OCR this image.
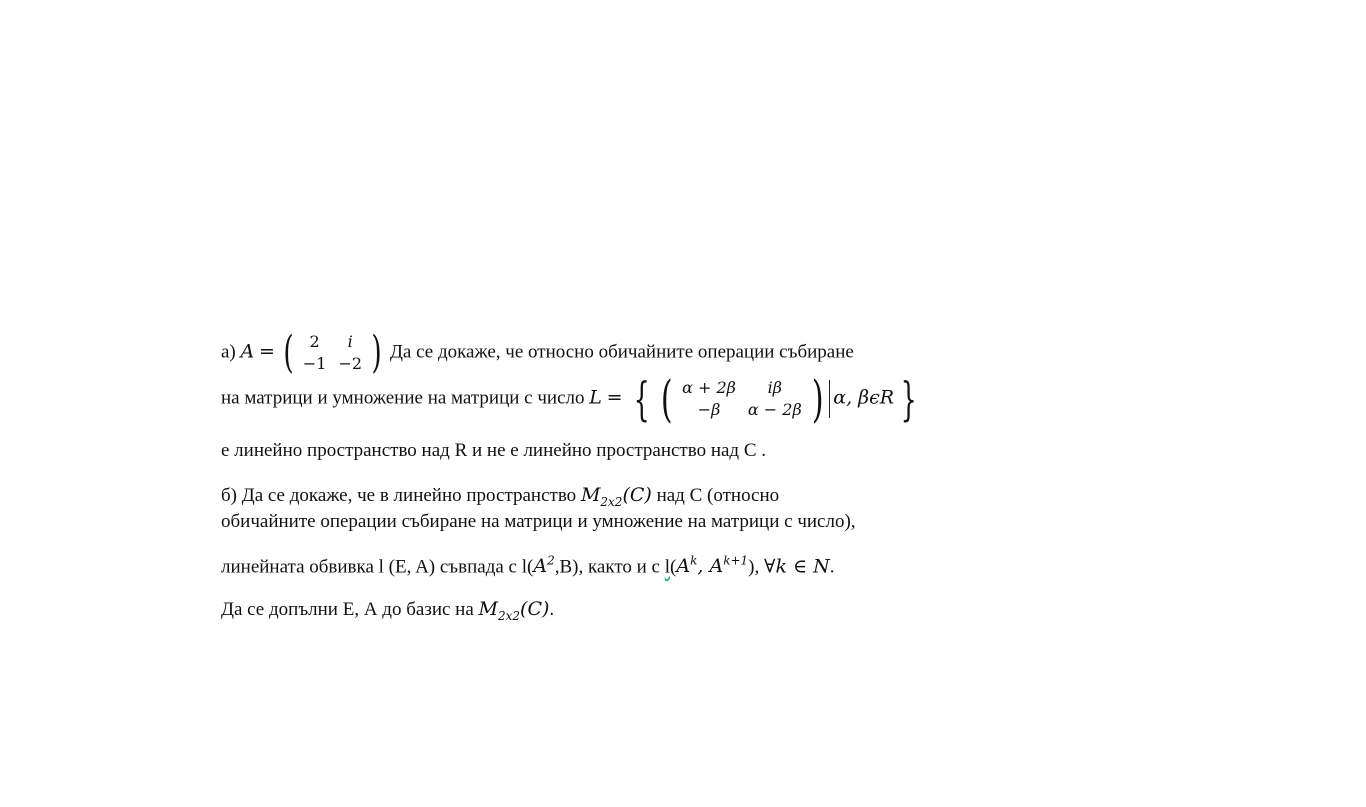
а) A = ( 2	i
−1	−2 ) Да се докаже, че относно обичайните операции събиране
на матрици и умножение на матрици с число L = { ( α + 2β	iβ
−β	α − 2β ) α, βϵR }
е линейно пространство над R и не е линейно пространство над C .
б) Да се докаже, че в линейно пространство $M_{2x2}(C)$ над C (относно
обичайните операции събиране на матрици и умножение на матрици с число),
линейната обвивка l (E, A) съвпада с $l(A^2,B)$, както и с $l(A^k$, $A^{k+1}$), ∀k ∈ N.
Да се допълни Е, А до базис на $M_{2x2}(C)$.
